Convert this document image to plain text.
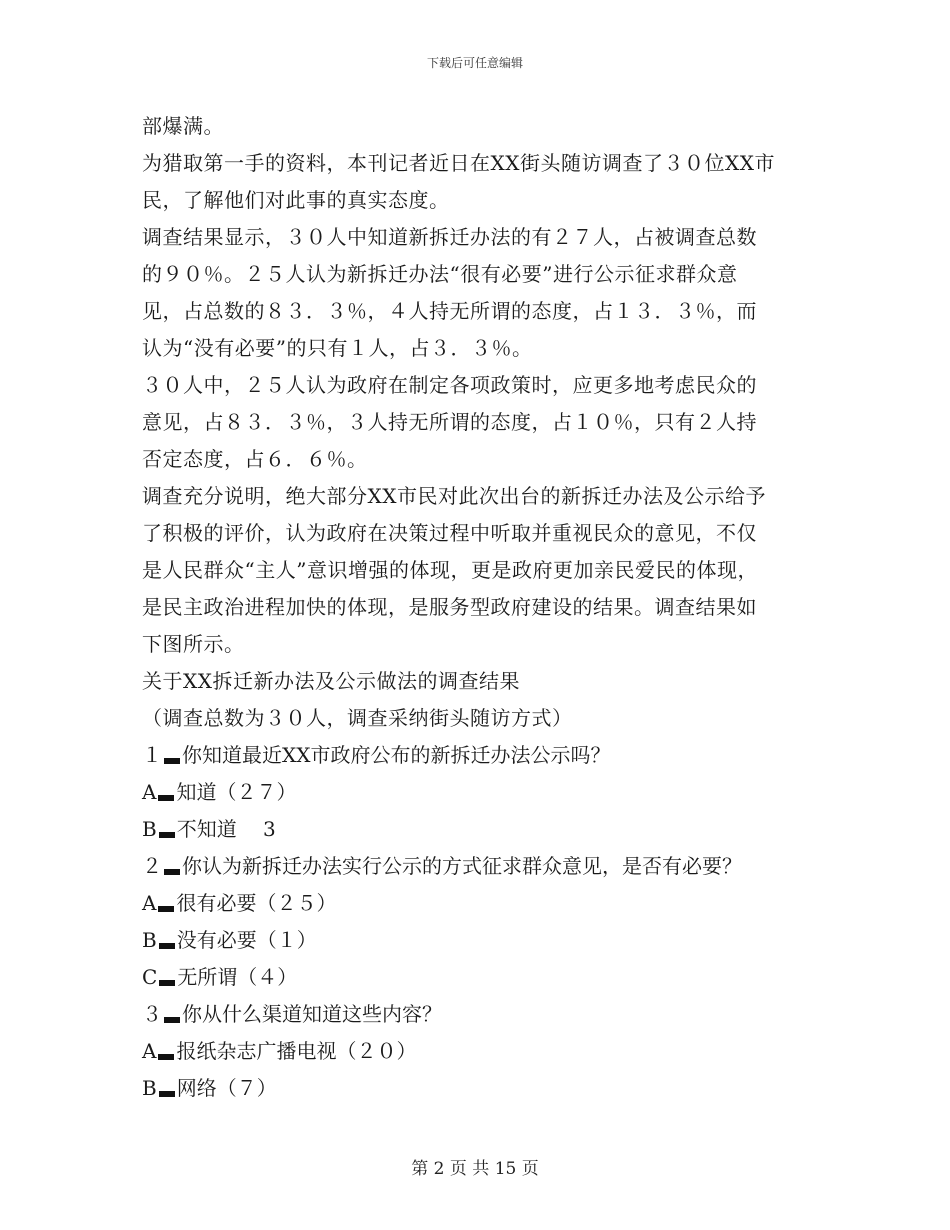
下载后可任意编辑
部爆满。
为猎取第一手的资料，本刊记者近日在XX街头随访调查了３０位XX市
民，了解他们对此事的真实态度。
调查结果显示，３０人中知道新拆迁办法的有２７人，占被调查总数
的９０％。２５人认为新拆迁办法“很有必要”进行公示征求群众意
见，占总数的８３．３％，４人持无所谓的态度，占１３．３％，而
认为“没有必要”的只有１人，占３．３％。
３０人中，２５人认为政府在制定各项政策时，应更多地考虑民众的
意见，占８３．３％，３人持无所谓的态度，占１０％，只有２人持
否定态度，占６．６％。
调查充分说明，绝大部分XX市民对此次出台的新拆迁办法及公示给予
了积极的评价，认为政府在决策过程中听取并重视民众的意见，不仅
是人民群众“主人”意识增强的体现，更是政府更加亲民爱民的体现，
是民主政治进程加快的体现，是服务型政府建设的结果。调查结果如
下图所示。
关于XX拆迁新办法及公示做法的调查结果
（调查总数为３０人，调查采纳街头随访方式）
１ 你知道最近XX市政府公布的新拆迁办法公示吗？
A 知道（２７）
B 不知道　 3
２ 你认为新拆迁办法实行公示的方式征求群众意见，是否有必要？
A 很有必要（２５）
B 没有必要（１）
C 无所谓（４）
３ 你从什么渠道知道这些内容？
A 报纸杂志广播电视（２０）
B 网络（７）
第 2 页 共 15 页
